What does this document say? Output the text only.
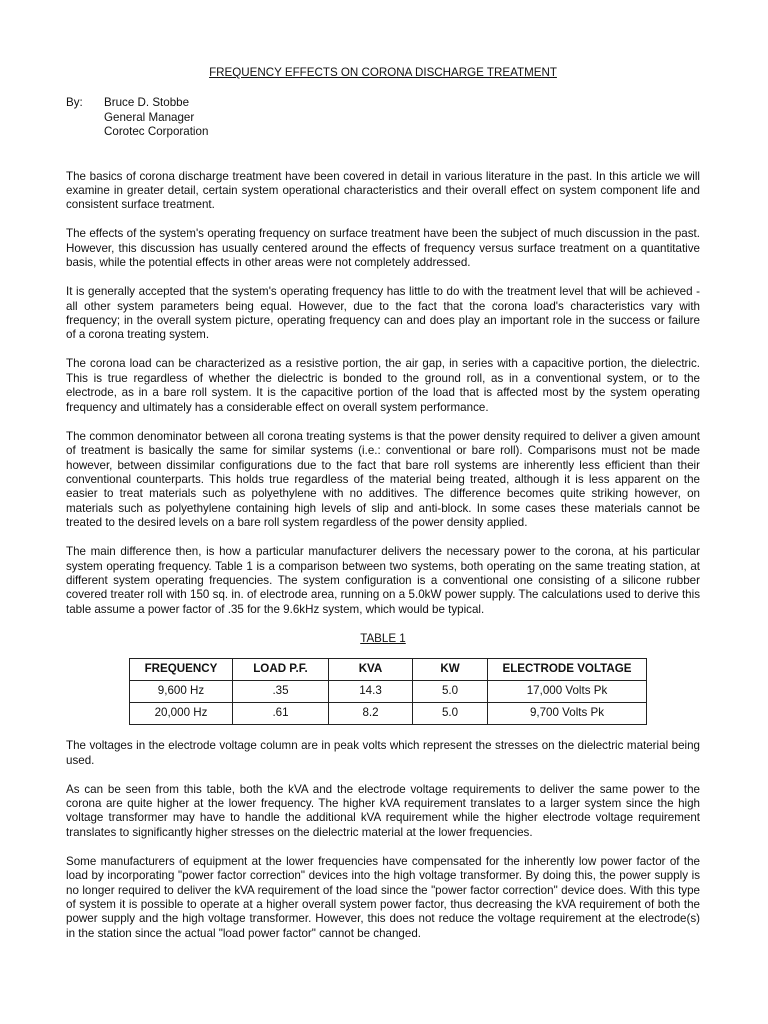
FREQUENCY EFFECTS ON CORONA DISCHARGE TREATMENT
By:	Bruce D. Stobbe
General Manager
Corotec Corporation

The basics of corona discharge treatment have been covered in detail in various literature in the past. In this article we will examine in greater detail, certain system operational characteristics and their overall effect on system component life and consistent surface treatment.

The effects of the system's operating frequency on surface treatment have been the subject of much discussion in the past. However, this discussion has usually centered around the effects of frequency versus surface treatment on a quantitative basis, while the potential effects in other areas were not completely addressed.

It is generally accepted that the system's operating frequency has little to do with the treatment level that will be achieved - all other system parameters being equal. However, due to the fact that the corona load's characteristics vary with frequency; in the overall system picture, operating frequency can and does play an important role in the success or failure of a corona treating system.

The corona load can be characterized as a resistive portion, the air gap, in series with a capacitive portion, the dielectric. This is true regardless of whether the dielectric is bonded to the ground roll, as in a conventional system, or to the electrode, as in a bare roll system. It is the capacitive portion of the load that is affected most by the system operating frequency and ultimately has a considerable effect on overall system performance.

The common denominator between all corona treating systems is that the power density required to deliver a given amount of treatment is basically the same for similar systems (i.e.: conventional or bare roll). Comparisons must not be made however, between dissimilar configurations due to the fact that bare roll systems are inherently less efficient than their conventional counterparts. This holds true regardless of the material being treated, although it is less apparent on the easier to treat materials such as polyethylene with no additives. The difference becomes quite striking however, on materials such as polyethylene containing high levels of slip and anti-block. In some cases these materials cannot be treated to the desired levels on a bare roll system regardless of the power density applied.

The main difference then, is how a particular manufacturer delivers the necessary power to the corona, at his particular system operating frequency. Table 1 is a comparison between two systems, both operating on the same treating station, at different system operating frequencies. The system configuration is a conventional one consisting of a silicone rubber covered treater roll with 150 sq. in. of electrode area, running on a 5.0kW power supply. The calculations used to derive this table assume a power factor of .35 for the 9.6kHz system, which would be typical.

TABLE 1
FREQUENCY	LOAD P.F.	KVA	KW	ELECTRODE VOLTAGE
9,600 Hz	.35	14.3	5.0	17,000 Volts Pk
20,000 Hz	.61	8.2	5.0	9,700 Volts Pk

The voltages in the electrode voltage column are in peak volts which represent the stresses on the dielectric material being used.

As can be seen from this table, both the kVA and the electrode voltage requirements to deliver the same power to the corona are quite higher at the lower frequency. The higher kVA requirement translates to a larger system since the high voltage transformer may have to handle the additional kVA requirement while the higher electrode voltage requirement translates to significantly higher stresses on the dielectric material at the lower frequencies.

Some manufacturers of equipment at the lower frequencies have compensated for the inherently low power factor of the load by incorporating "power factor correction" devices into the high voltage transformer. By doing this, the power supply is no longer required to deliver the kVA requirement of the load since the "power factor correction" device does. With this type of system it is possible to operate at a higher overall system power factor, thus decreasing the kVA requirement of both the power supply and the high voltage transformer. However, this does not reduce the voltage requirement at the electrode(s) in the station since the actual "load power factor" cannot be changed.
